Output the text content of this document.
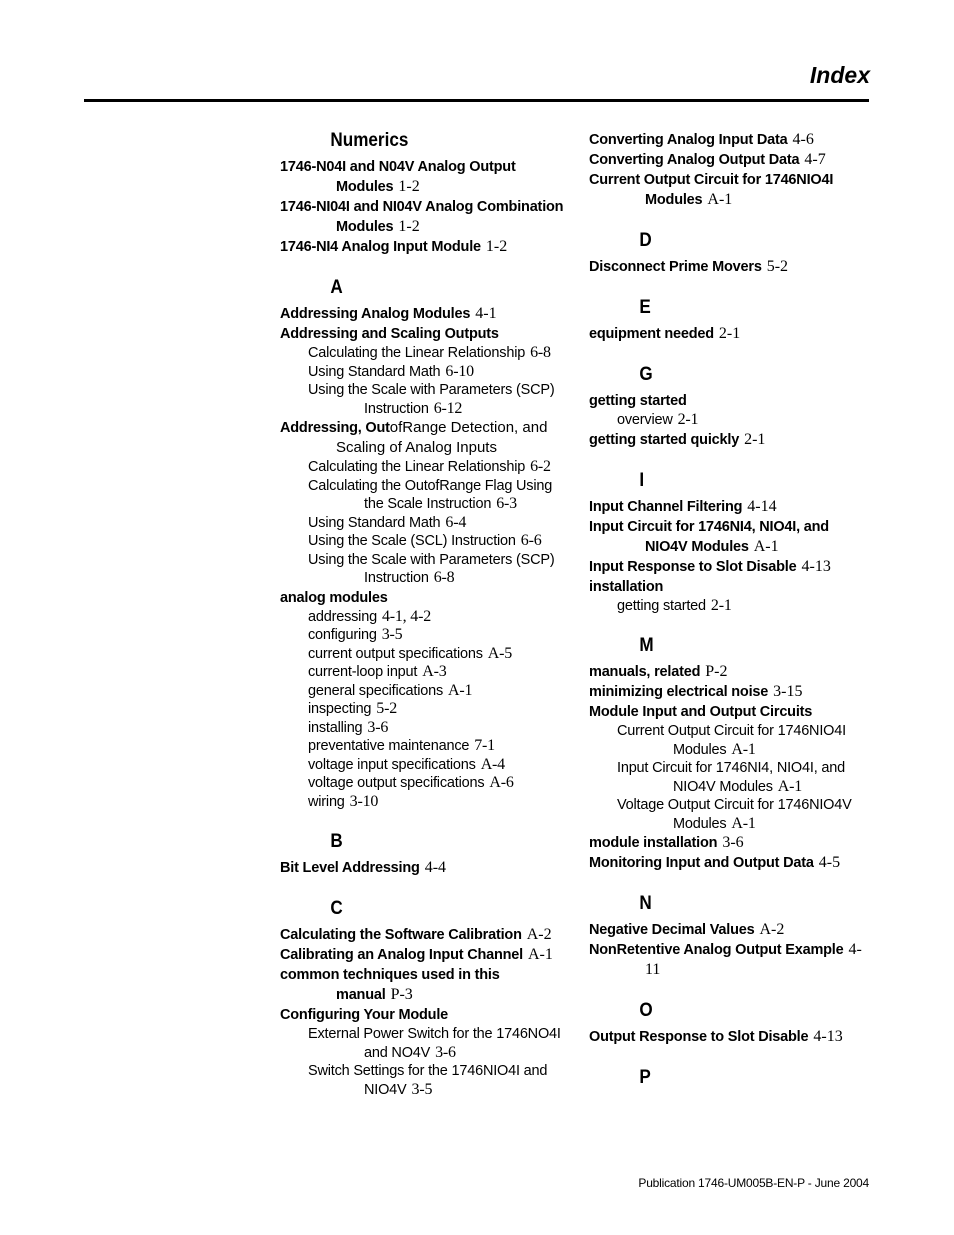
Index
Numerics
1746-N04I and N04V Analog Output Modules 1-2
1746-NI04I and NI04V Analog Combination Modules 1-2
1746-NI4 Analog Input Module 1-2
A
Addressing Analog Modules 4-1
Addressing and Scaling Outputs
Calculating the Linear Relationship 6-8
Using Standard Math 6-10
Using the Scale with Parameters (SCP) Instruction 6-12
Addressing, OutofRange Detection, and Scaling of Analog Inputs
Calculating the Linear Relationship 6-2
Calculating the OutofRange Flag Using the Scale Instruction 6-3
Using Standard Math 6-4
Using the Scale (SCL) Instruction 6-6
Using the Scale with Parameters (SCP) Instruction 6-8
analog modules
addressing 4-1, 4-2
configuring 3-5
current output specifications A-5
current-loop input A-3
general specifications A-1
inspecting 5-2
installing 3-6
preventative maintenance 7-1
voltage input specifications A-4
voltage output specifications A-6
wiring 3-10
B
Bit Level Addressing 4-4
C
Calculating the Software Calibration A-2
Calibrating an Analog Input Channel A-1
common techniques used in this manual P-3
Configuring Your Module
External Power Switch for the 1746NO4I and NO4V 3-6
Switch Settings for the 1746NIO4I and NIO4V 3-5
Converting Analog Input Data 4-6
Converting Analog Output Data 4-7
Current Output Circuit for 1746NIO4I Modules A-1
D
Disconnect Prime Movers 5-2
E
equipment needed 2-1
G
getting started
overview 2-1
getting started quickly 2-1
I
Input Channel Filtering 4-14
Input Circuit for 1746NI4, NIO4I, and NIO4V Modules A-1
Input Response to Slot Disable 4-13
installation
getting started 2-1
M
manuals, related P-2
minimizing electrical noise 3-15
Module Input and Output Circuits
Current Output Circuit for 1746NIO4I Modules A-1
Input Circuit for 1746NI4, NIO4I, and NIO4V Modules A-1
Voltage Output Circuit for 1746NIO4V Modules A-1
module installation 3-6
Monitoring Input and Output Data 4-5
N
Negative Decimal Values A-2
NonRetentive Analog Output Example 4-11
O
Output Response to Slot Disable 4-13
P
Publication 1746-UM005B-EN-P - June 2004
